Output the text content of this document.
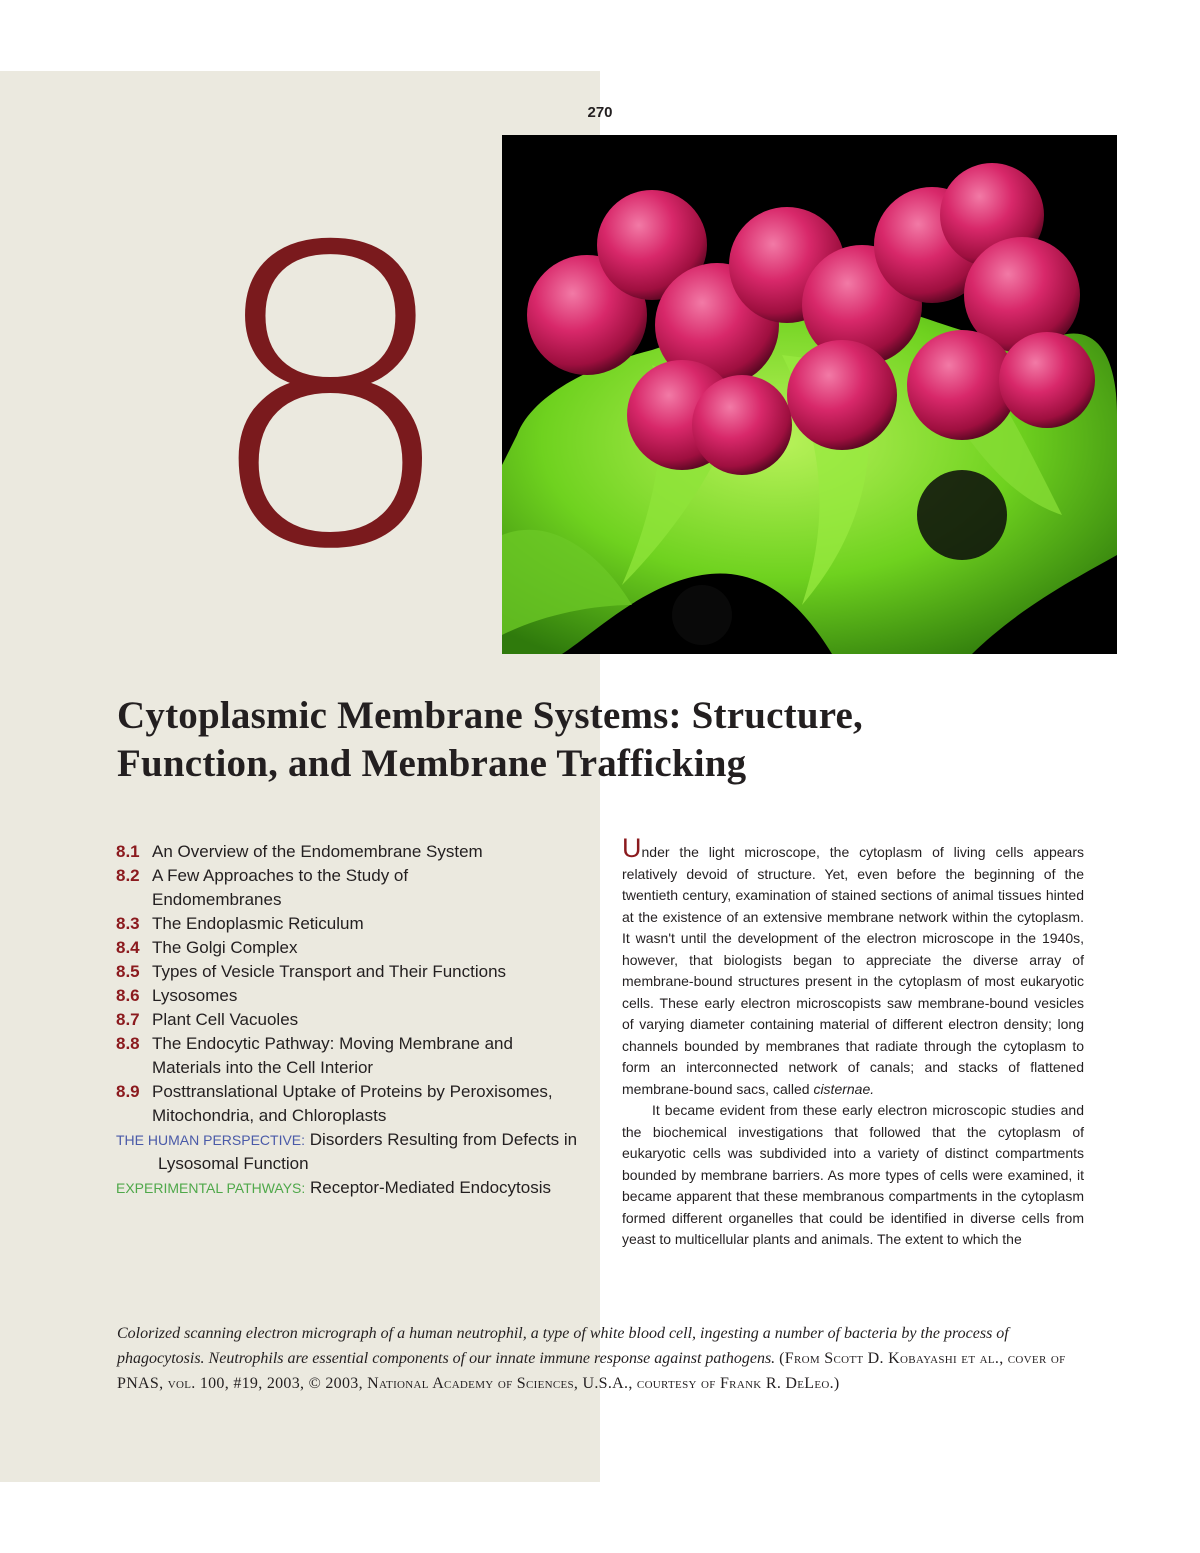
270
8
Cytoplasmic Membrane Systems: Structure,
Function, and Membrane Trafficking
8.1 An Overview of the Endomembrane System
8.2 A Few Approaches to the Study of Endomembranes
8.3 The Endoplasmic Reticulum
8.4 The Golgi Complex
8.5 Types of Vesicle Transport and Their Functions
8.6 Lysosomes
8.7 Plant Cell Vacuoles
8.8 The Endocytic Pathway: Moving Membrane and Materials into the Cell Interior
8.9 Posttranslational Uptake of Proteins by Peroxisomes, Mitochondria, and Chloroplasts
THE HUMAN PERSPECTIVE: Disorders Resulting from Defects in Lysosomal Function
EXPERIMENTAL PATHWAYS: Receptor-Mediated Endocytosis

Under the light microscope, the cytoplasm of living cells appears relatively devoid of structure. Yet, even before the beginning of the twentieth century, examination of stained sections of animal tissues hinted at the existence of an extensive membrane network within the cytoplasm. It wasn't until the development of the electron microscope in the 1940s, however, that biologists began to appreciate the diverse array of membrane-bound structures present in the cytoplasm of most eukaryotic cells. These early electron microscopists saw membrane-bound vesicles of varying diameter containing material of different electron density; long channels bounded by membranes that radiate through the cytoplasm to form an interconnected network of canals; and stacks of flattened membrane-bound sacs, called cisternae.

It became evident from these early electron microscopic studies and the biochemical investigations that followed that the cytoplasm of eukaryotic cells was subdivided into a variety of distinct compartments bounded by membrane barriers. As more types of cells were examined, it became apparent that these membranous compartments in the cytoplasm formed different organelles that could be identified in diverse cells from yeast to multicellular plants and animals. The extent to which the

Colorized scanning electron micrograph of a human neutrophil, a type of white blood cell, ingesting a number of bacteria by the process of phagocytosis. Neutrophils are essential components of our innate immune response against pathogens. (From Scott D. Kobayashi et al., cover of PNAS, vol. 100, #19, 2003, © 2003, National Academy of Sciences, U.S.A., courtesy of Frank R. DeLeo.)
